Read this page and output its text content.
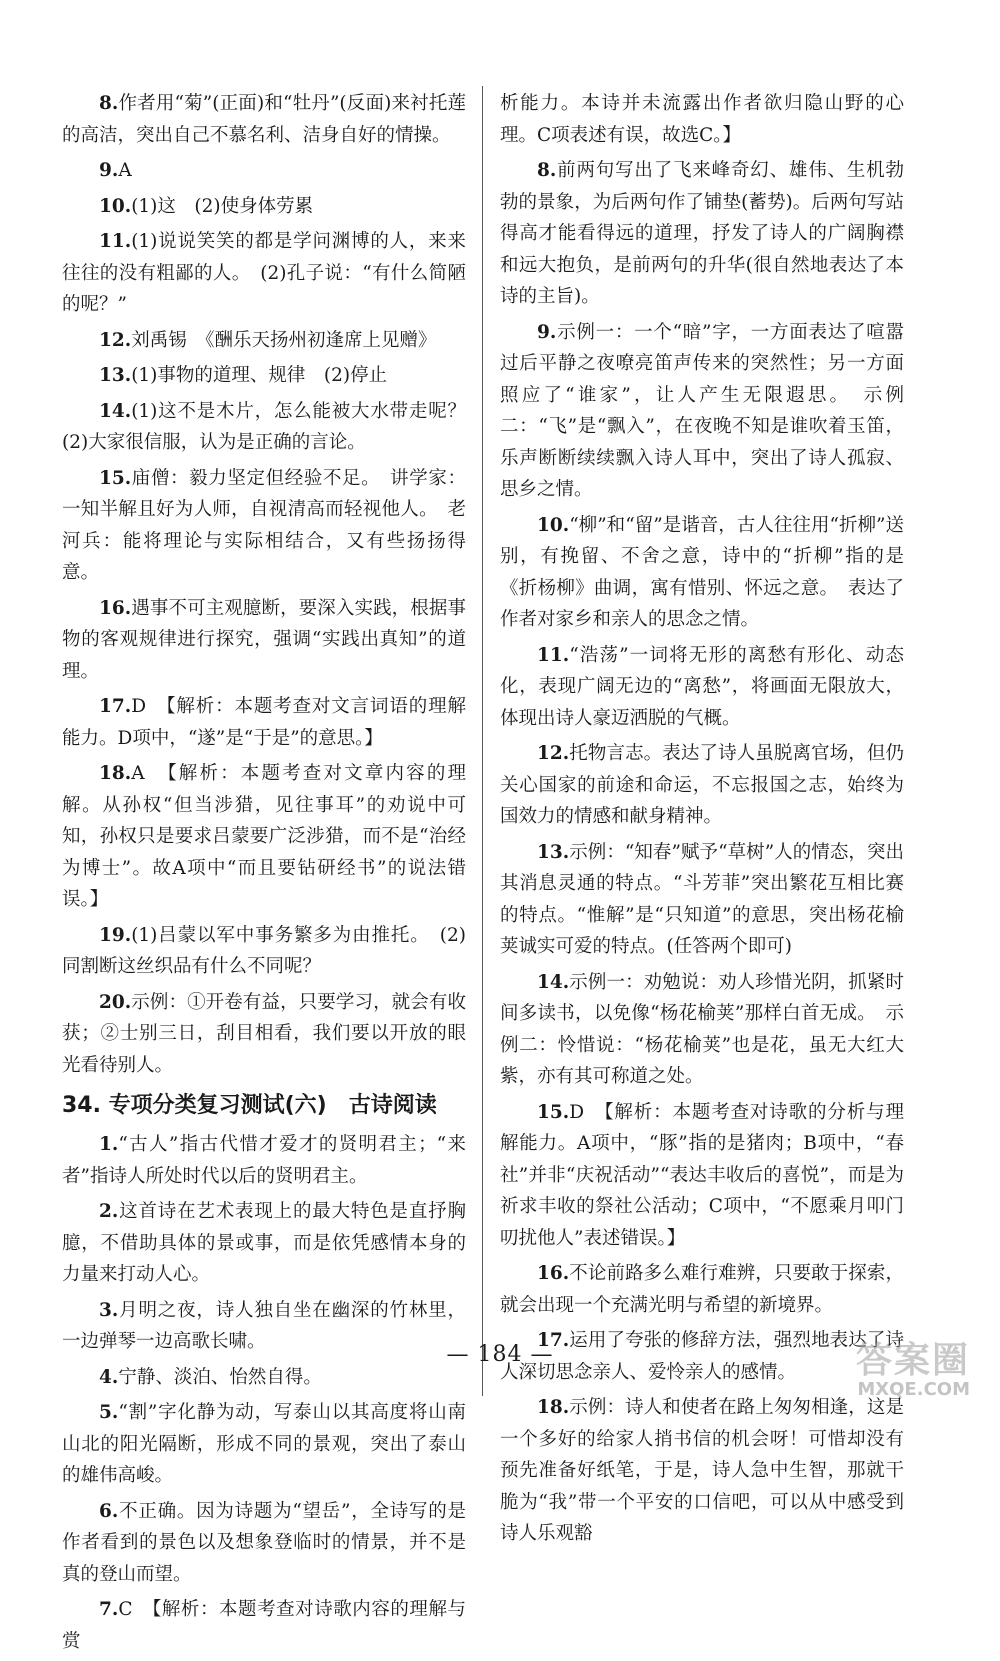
8.作者用“菊”(正面)和“牡丹”(反面)来衬托莲的高洁，突出自己不慕名利、洁身自好的情操。

9.A

10.(1)这　(2)使身体劳累

11.(1)说说笑笑的都是学问渊博的人，来来往往的没有粗鄙的人。　(2)孔子说：“有什么简陋的呢？”

12.刘禹锡　《酬乐天扬州初逢席上见赠》

13.(1)事物的道理、规律　(2)停止

14.(1)这不是木片，怎么能被大水带走呢？(2)大家很信服，认为是正确的言论。

15.庙僧：毅力坚定但经验不足。　讲学家：一知半解且好为人师，自视清高而轻视他人。　老河兵：能将理论与实际相结合，又有些扬扬得意。

16.遇事不可主观臆断，要深入实践，根据事物的客观规律进行探究，强调“实践出真知”的道理。

17.D　【解析：本题考查对文言词语的理解能力。D项中，“遂”是“于是”的意思。】

18.A　【解析：本题考查对文章内容的理解。从孙权“但当涉猎，见往事耳”的劝说中可知，孙权只是要求吕蒙要广泛涉猎，而不是“治经为博士”。故A项中“而且要钻研经书”的说法错误。】

19.(1)吕蒙以军中事务繁多为由推托。　(2)同割断这丝织品有什么不同呢？

20.示例：①开卷有益，只要学习，就会有收获；②士别三日，刮目相看，我们要以开放的眼光看待别人。

34. 专项分类复习测试(六)　古诗阅读

1.“古人”指古代惜才爱才的贤明君主；“来者”指诗人所处时代以后的贤明君主。

2.这首诗在艺术表现上的最大特色是直抒胸臆，不借助具体的景或事，而是依凭感情本身的力量来打动人心。

3.月明之夜，诗人独自坐在幽深的竹林里，一边弹琴一边高歌长啸。

4.宁静、淡泊、怡然自得。

5.“割”字化静为动，写泰山以其高度将山南山北的阳光隔断，形成不同的景观，突出了泰山的雄伟高峻。

6.不正确。因为诗题为“望岳”，全诗写的是作者看到的景色以及想象登临时的情景，并不是真的登山而望。

7.C　【解析：本题考查对诗歌内容的理解与赏

析能力。本诗并未流露出作者欲归隐山野的心理。C项表述有误，故选C。】

8.前两句写出了飞来峰奇幻、雄伟、生机勃勃的景象，为后两句作了铺垫(蓄势)。后两句写站得高才能看得远的道理，抒发了诗人的广阔胸襟和远大抱负，是前两句的升华(很自然地表达了本诗的主旨)。

9.示例一：一个“暗”字，一方面表达了喧嚣过后平静之夜嘹亮笛声传来的突然性；另一方面照应了“谁家”，让人产生无限遐思。　示例二：“飞”是“飘入”，在夜晚不知是谁吹着玉笛，乐声断断续续飘入诗人耳中，突出了诗人孤寂、思乡之情。

10.“柳”和“留”是谐音，古人往往用“折柳”送别，有挽留、不舍之意，诗中的“折柳”指的是《折杨柳》曲调，寓有惜别、怀远之意。　表达了作者对家乡和亲人的思念之情。

11.“浩荡”一词将无形的离愁有形化、动态化，表现广阔无边的“离愁”，将画面无限放大，体现出诗人豪迈洒脱的气概。

12.托物言志。表达了诗人虽脱离官场，但仍关心国家的前途和命运，不忘报国之志，始终为国效力的情感和献身精神。

13.示例：“知春”赋予“草树”人的情态，突出其消息灵通的特点。“斗芳菲”突出繁花互相比赛的特点。“惟解”是“只知道”的意思，突出杨花榆荚诚实可爱的特点。(任答两个即可)

14.示例一：劝勉说：劝人珍惜光阴，抓紧时间多读书，以免像“杨花榆荚”那样白首无成。　示例二：怜惜说：“杨花榆荚”也是花，虽无大红大紫，亦有其可称道之处。

15.D　【解析：本题考查对诗歌的分析与理解能力。A项中，“豚”指的是猪肉；B项中，“春社”并非“庆祝活动”“表达丰收后的喜悦”，而是为祈求丰收的祭社公活动；C项中，“不愿乘月叩门叨扰他人”表述错误。】

16.不论前路多么难行难辨，只要敢于探索，就会出现一个充满光明与希望的新境界。

17.运用了夸张的修辞方法，强烈地表达了诗人深切思念亲人、爱怜亲人的感情。

18.示例：诗人和使者在路上匆匆相逢，这是一个多好的给家人捎书信的机会呀！可惜却没有预先准备好纸笔，于是，诗人急中生智，那就干脆为“我”带一个平安的口信吧，可以从中感受到诗人乐观豁

— 184 —	答案圈
MXQE.COM
